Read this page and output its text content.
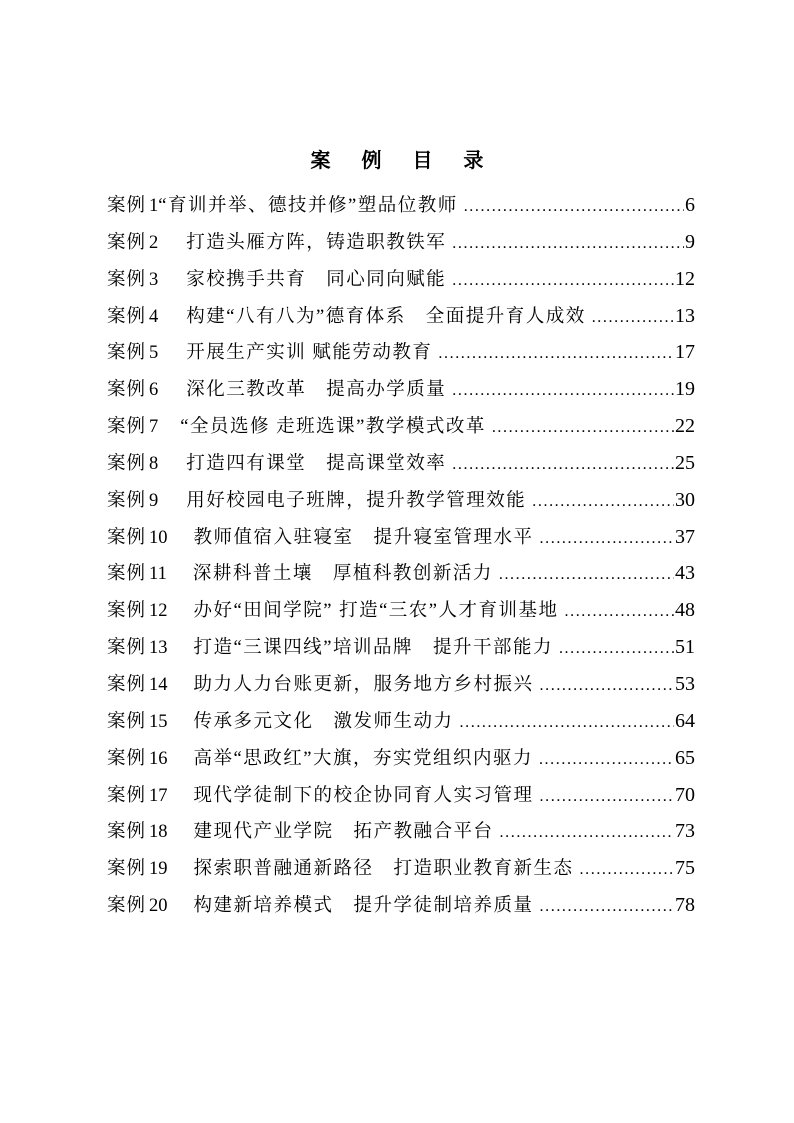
案 例 目 录
案例 1 “育训并举、德技并修”塑品位教师 .....	6
案例 2 打造头雁方阵，铸造职教铁军 .....	9
案例 3 家校携手共育　同心同向赋能 .....	12
案例 4 构建“八有八为”德育体系　全面提升育人成效 .....	13
案例 5 开展生产实训 赋能劳动教育 .....	17
案例 6 深化三教改革　提高办学质量 .....	19
案例 7 “全员选修 走班选课”教学模式改革 .....	22
案例 8 打造四有课堂　提高课堂效率 .....	25
案例 9 用好校园电子班牌，提升教学管理效能 .....	30
案例 10 教师值宿入驻寝室　提升寝室管理水平 .....	37
案例 11 深耕科普土壤　厚植科教创新活力 .....	43
案例 12 办好“田间学院” 打造“三农”人才育训基地 .....	48
案例 13 打造“三课四线”培训品牌　提升干部能力 .....	51
案例 14 助力人力台账更新，服务地方乡村振兴 .....	53
案例 15 传承多元文化　激发师生动力 .....	64
案例 16 高举“思政红”大旗，夯实党组织内驱力 .....	65
案例 17 现代学徒制下的校企协同育人实习管理 .....	70
案例 18 建现代产业学院　拓产教融合平台 .....	73
案例 19 探索职普融通新路径　打造职业教育新生态 .....	75
案例 20 构建新培养模式　提升学徒制培养质量 .....	78
